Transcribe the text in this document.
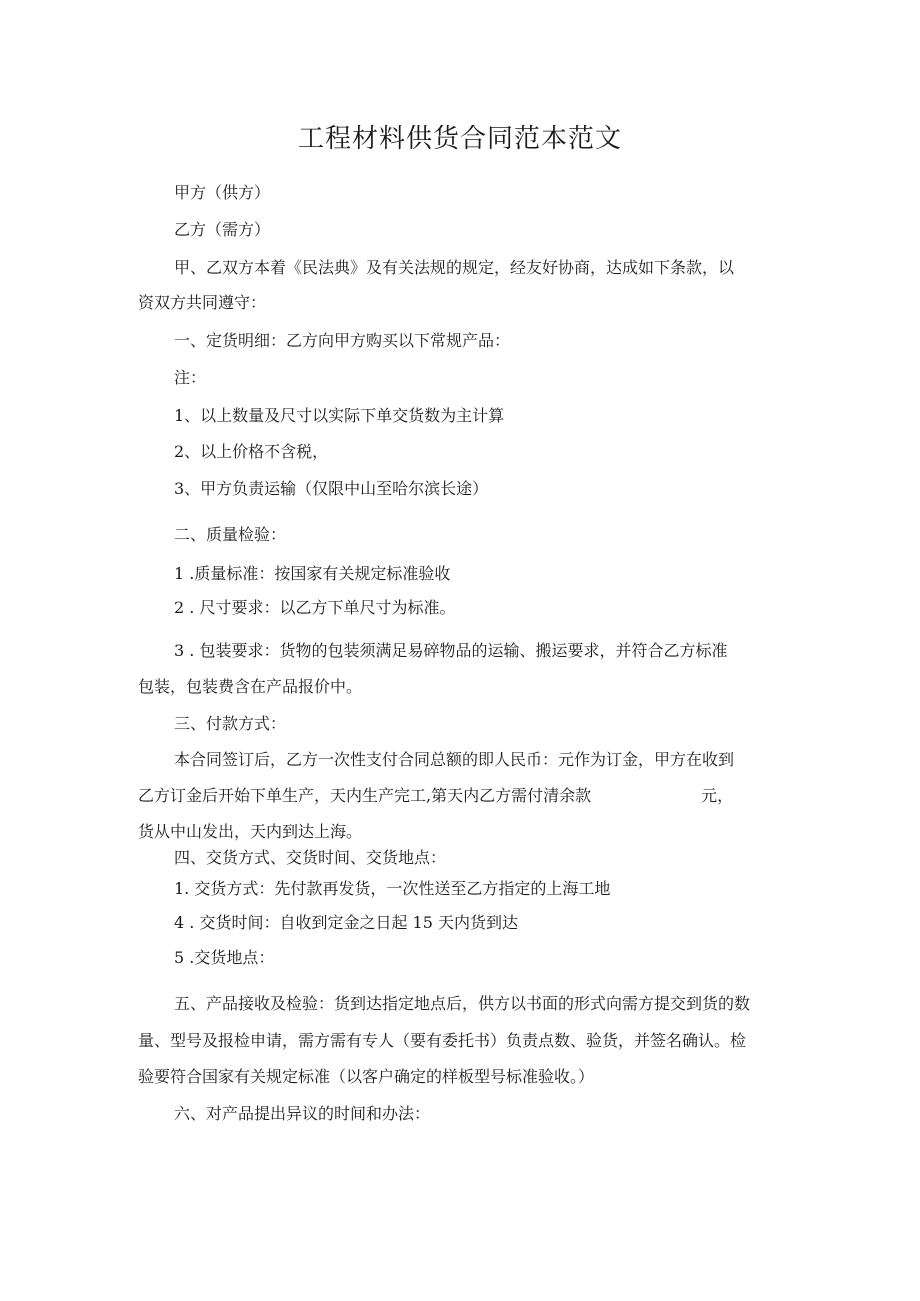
工程材料供货合同范本范文

甲方（供方）

乙方（需方）

甲、乙双方本着《民法典》及有关法规的规定，经友好协商，达成如下条款，以

资双方共同遵守：

一、定货明细：乙方向甲方购买以下常规产品：

注：

1、以上数量及尺寸以实际下单交货数为主计算

2、以上价格不含税，

3、甲方负责运输（仅限中山至哈尔滨长途）

二、质量检验：

1 .质量标准：按国家有关规定标准验收

2 . 尺寸要求：以乙方下单尺寸为标准。

3 . 包装要求：货物的包装须满足易碎物品的运输、搬运要求，并符合乙方标准

包装，包装费含在产品报价中。

三、付款方式：

本合同签订后，乙方一次性支付合同总额的即人民币：元作为订金，甲方在收到

乙方订金后开始下单生产，天内生产完工,第天内乙方需付清余款	元，

货从中山发出，天内到达上海。

四、交货方式、交货时间、交货地点：

1. 交货方式：先付款再发货，一次性送至乙方指定的上海工地

4 . 交货时间：自收到定金之日起 15 天内货到达

5 .交货地点：

五、产品接收及检验：货到达指定地点后，供方以书面的形式向需方提交到货的数

量、型号及报检申请，需方需有专人（要有委托书）负责点数、验货，并签名确认。检

验要符合国家有关规定标准（以客户确定的样板型号标准验收。）

六、对产品提出异议的时间和办法：
